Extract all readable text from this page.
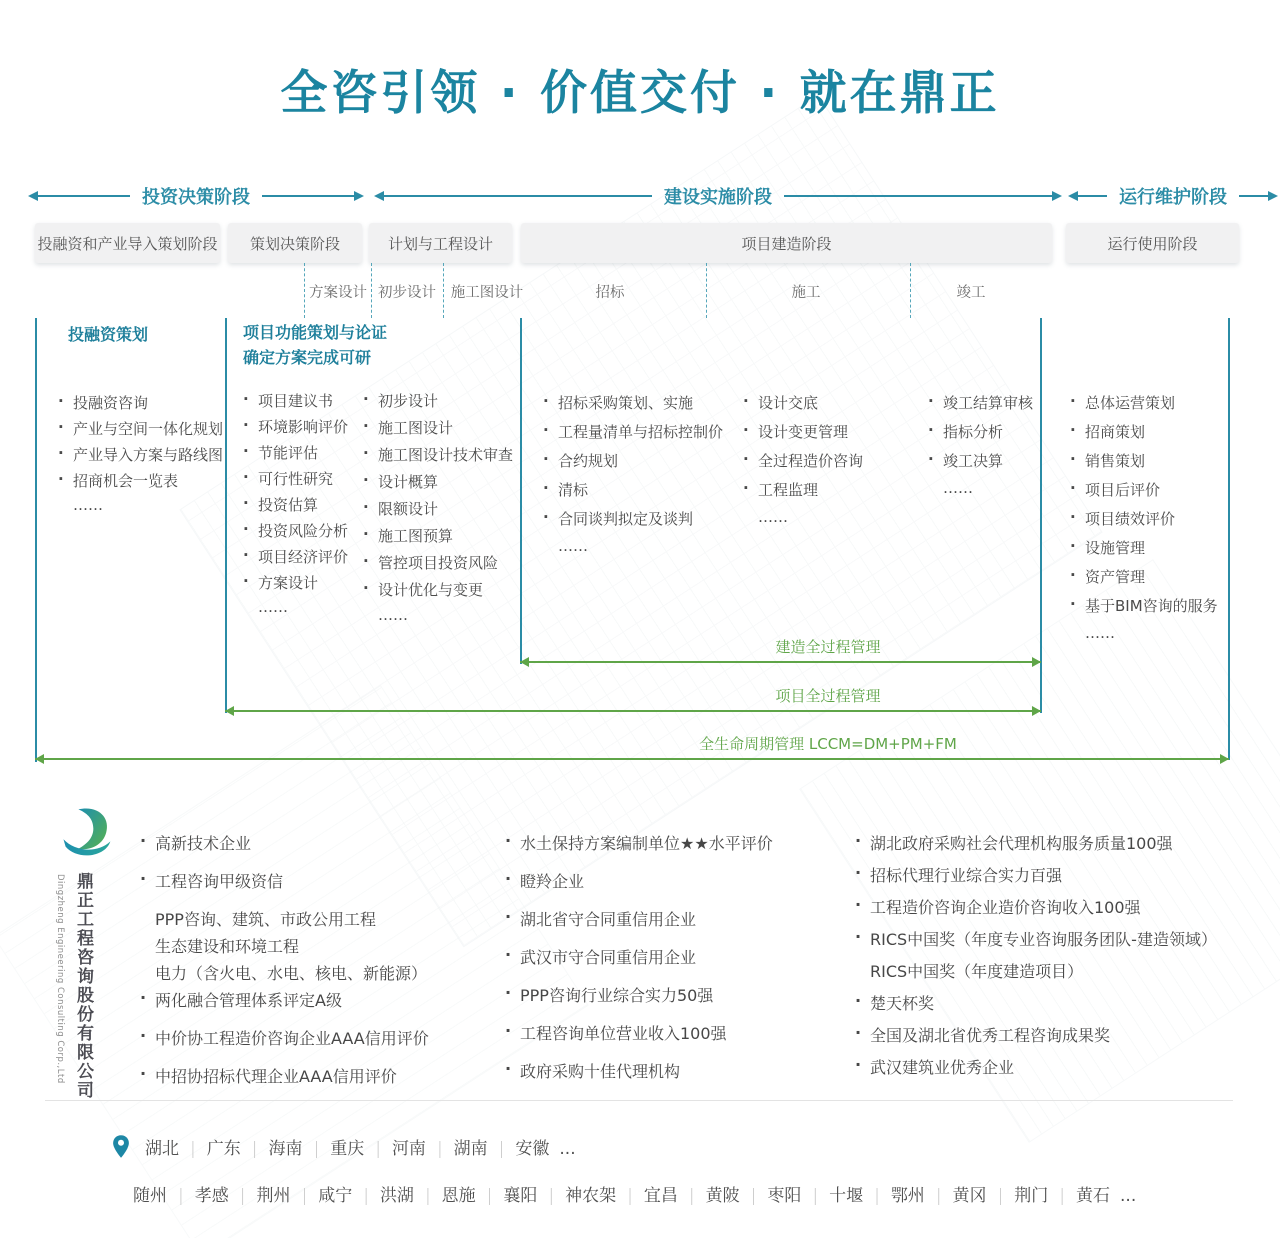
全咨引领 · 价值交付 · 就在鼎正
投资决策阶段	建设实施阶段	运行维护阶段
投融资和产业导入策划阶段	策划决策阶段	计划与工程设计	项目建造阶段	运行使用阶段
方案设计 初步设计 施工图设计	招标	施工	竣工
投融资策划	项目功能策划与论证
确定方案完成可研
· 投融资咨询
· 产业与空间一体化规划
· 产业导入方案与路线图
· 招商机会一览表
……
· 项目建议书
· 环境影响评价
· 节能评估
· 可行性研究
· 投资估算
· 投资风险分析
· 项目经济评价
· 方案设计
……
· 初步设计
· 施工图设计
· 施工图设计技术审查
· 设计概算
· 限额设计
· 施工图预算
· 管控项目投资风险
· 设计优化与变更
……
· 招标采购策划、实施
· 工程量清单与招标控制价
· 合约规划
· 清标
· 合同谈判拟定及谈判
……
· 设计交底
· 设计变更管理
· 全过程造价咨询
· 工程监理
……
· 竣工结算审核
· 指标分析
· 竣工决算
……
· 总体运营策划
· 招商策划
· 销售策划
· 项目后评价
· 项目绩效评价
· 设施管理
· 资产管理
· 基于BIM咨询的服务
……
建造全过程管理
项目全过程管理
全生命周期管理 LCCM=DM+PM+FM
Dingzheng Engineering Consulting Corp.,Ltd 鼎正工程咨询股份有限公司
· 高新技术企业
· 工程咨询甲级资信
PPP咨询、建筑、市政公用工程
生态建设和环境工程
电力（含火电、水电、核电、新能源）
· 两化融合管理体系评定A级
· 中价协工程造价咨询企业AAA信用评价
· 中招协招标代理企业AAA信用评价
· 水土保持方案编制单位★★水平评价
· 瞪羚企业
· 湖北省守合同重信用企业
· 武汉市守合同重信用企业
· PPP咨询行业综合实力50强
· 工程咨询单位营业收入100强
· 政府采购十佳代理机构
· 湖北政府采购社会代理机构服务质量100强
· 招标代理行业综合实力百强
· 工程造价咨询企业造价咨询收入100强
· RICS中国奖（年度专业咨询服务团队-建造领域）
RICS中国奖（年度建造项目）
· 楚天杯奖
· 全国及湖北省优秀工程咨询成果奖
· 武汉建筑业优秀企业
湖北 | 广东 | 海南 | 重庆 | 河南 | 湖南 | 安徽 ...
随州 | 孝感 | 荆州 | 咸宁 | 洪湖 | 恩施 | 襄阳 | 神农架 | 宜昌 | 黄陂 | 枣阳 | 十堰 | 鄂州 | 黄冈 | 荆门 | 黄石 ...
